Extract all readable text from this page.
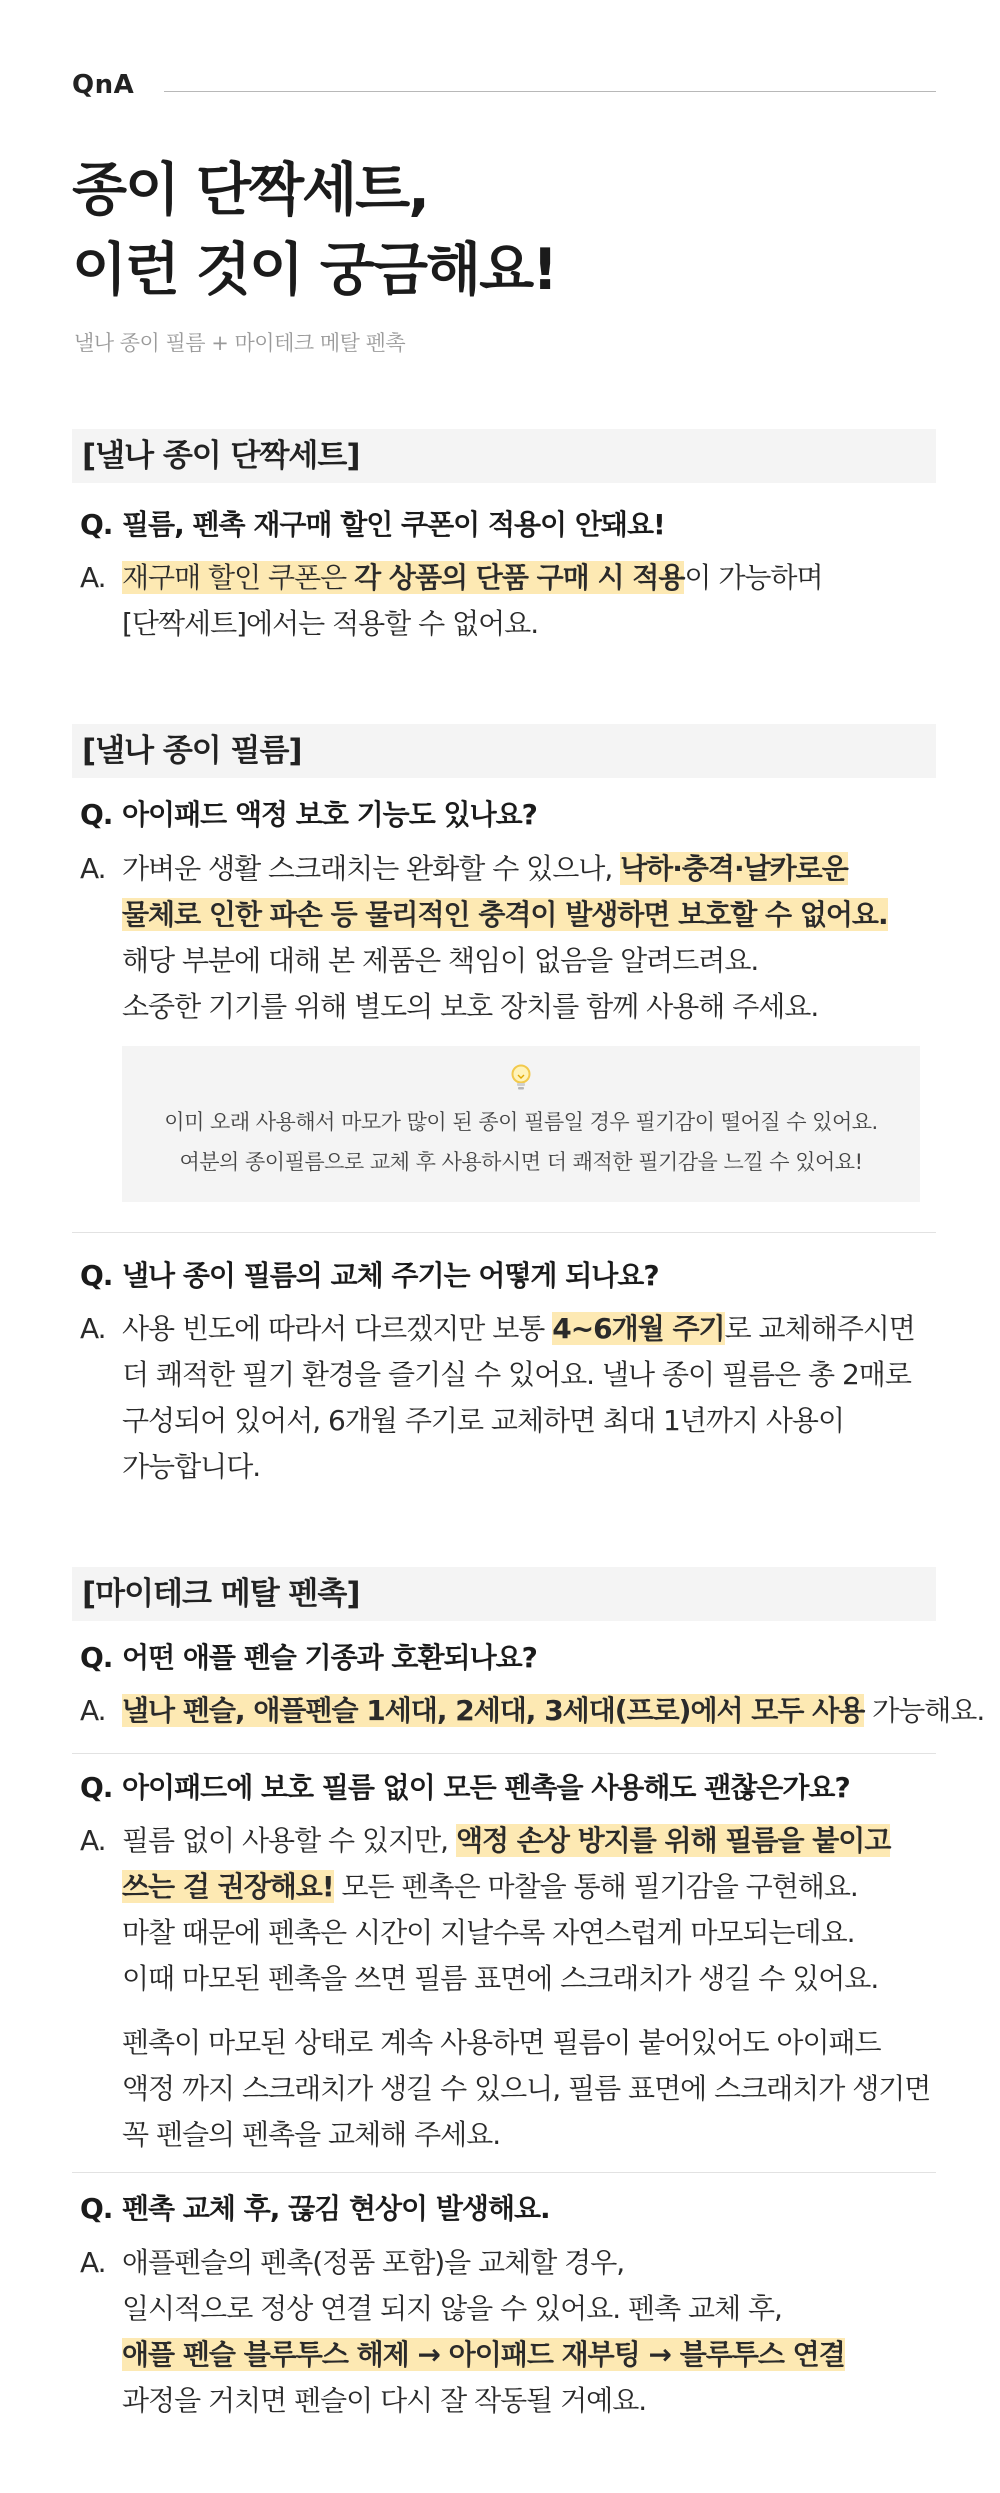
QnA
종이 단짝세트,
이런 것이 궁금해요!
낼나 종이 필름 + 마이테크 메탈 펜촉
[낼나 종이 단짝세트]
Q. 필름, 펜촉 재구매 할인 쿠폰이 적용이 안돼요!
A. 재구매 할인 쿠폰은 각 상품의 단품 구매 시 적용이 가능하며
[단짝세트]에서는 적용할 수 없어요.
[낼나 종이 필름]
Q. 아이패드 액정 보호 기능도 있나요?
A. 가벼운 생활 스크래치는 완화할 수 있으나, 낙하·충격·날카로운
물체로 인한 파손 등 물리적인 충격이 발생하면 보호할 수 없어요.
해당 부분에 대해 본 제품은 책임이 없음을 알려드려요.
소중한 기기를 위해 별도의 보호 장치를 함께 사용해 주세요.
이미 오래 사용해서 마모가 많이 된 종이 필름일 경우 필기감이 떨어질 수 있어요.
여분의 종이필름으로 교체 후 사용하시면 더 쾌적한 필기감을 느낄 수 있어요!
Q. 낼나 종이 필름의 교체 주기는 어떻게 되나요?
A. 사용 빈도에 따라서 다르겠지만 보통 4~6개월 주기로 교체해주시면
더 쾌적한 필기 환경을 즐기실 수 있어요. 낼나 종이 필름은 총 2매로
구성되어 있어서, 6개월 주기로 교체하면 최대 1년까지 사용이
가능합니다.
[마이테크 메탈 펜촉]
Q. 어떤 애플 펜슬 기종과 호환되나요?
A. 낼나 펜슬, 애플펜슬 1세대, 2세대, 3세대(프로)에서 모두 사용 가능해요.
Q. 아이패드에 보호 필름 없이 모든 펜촉을 사용해도 괜찮은가요?
A. 필름 없이 사용할 수 있지만, 액정 손상 방지를 위해 필름을 붙이고
쓰는 걸 권장해요! 모든 펜촉은 마찰을 통해 필기감을 구현해요.
마찰 때문에 펜촉은 시간이 지날수록 자연스럽게 마모되는데요.
이때 마모된 펜촉을 쓰면 필름 표면에 스크래치가 생길 수 있어요.
펜촉이 마모된 상태로 계속 사용하면 필름이 붙어있어도 아이패드
액정 까지 스크래치가 생길 수 있으니, 필름 표면에 스크래치가 생기면
꼭 펜슬의 펜촉을 교체해 주세요.
Q. 펜촉 교체 후, 끊김 현상이 발생해요.
A. 애플펜슬의 펜촉(정품 포함)을 교체할 경우,
일시적으로 정상 연결 되지 않을 수 있어요. 펜촉 교체 후,
애플 펜슬 블루투스 해제 → 아이패드 재부팅 → 블루투스 연결
과정을 거치면 펜슬이 다시 잘 작동될 거예요.
